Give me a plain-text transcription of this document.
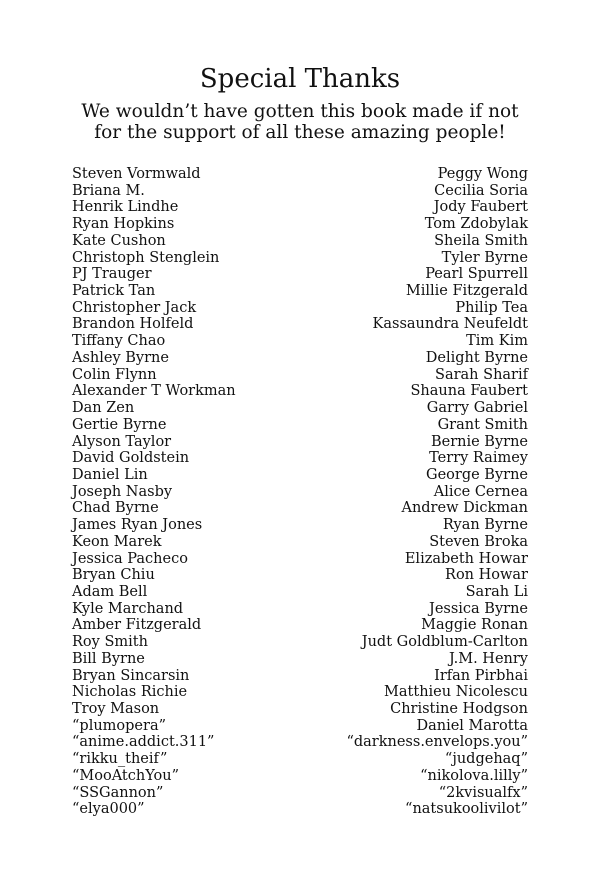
Special Thanks

We wouldn’t have gotten this book made if not
for the support of all these amazing people!

Steven Vormwald
Briana M.
Henrik Lindhe
Ryan Hopkins
Kate Cushon
Christoph Stenglein
PJ Trauger
Patrick Tan
Christopher Jack
Brandon Holfeld
Tiffany Chao
Ashley Byrne
Colin Flynn
Alexander T Workman
Dan Zen
Gertie Byrne
Alyson Taylor
David Goldstein
Daniel Lin
Joseph Nasby
Chad Byrne
James Ryan Jones
Keon Marek
Jessica Pacheco
Bryan Chiu
Adam Bell
Kyle Marchand
Amber Fitzgerald
Roy Smith
Bill Byrne
Bryan Sincarsin
Nicholas Richie
Troy Mason
“plumopera”
“anime.addict.311”
“rikku_theif”
“MooAtchYou”
“SSGannon”
“elya000”
Peggy Wong
Cecilia Soria
Jody Faubert
Tom Zdobylak
Sheila Smith
Tyler Byrne
Pearl Spurrell
Millie Fitzgerald
Philip Tea
Kassaundra Neufeldt
Tim Kim
Delight Byrne
Sarah Sharif
Shauna Faubert
Garry Gabriel
Grant Smith
Bernie Byrne
Terry Raimey
George Byrne
Alice Cernea
Andrew Dickman
Ryan Byrne
Steven Broka
Elizabeth Howar
Ron Howar
Sarah Li
Jessica Byrne
Maggie Ronan
Judt Goldblum-Carlton
J.M. Henry
Irfan Pirbhai
Matthieu Nicolescu
Christine Hodgson
Daniel Marotta
“darkness.envelops.you”
“judgehaq”
“nikolova.lilly”
“2kvisualfx”
“natsukoolivilot”
